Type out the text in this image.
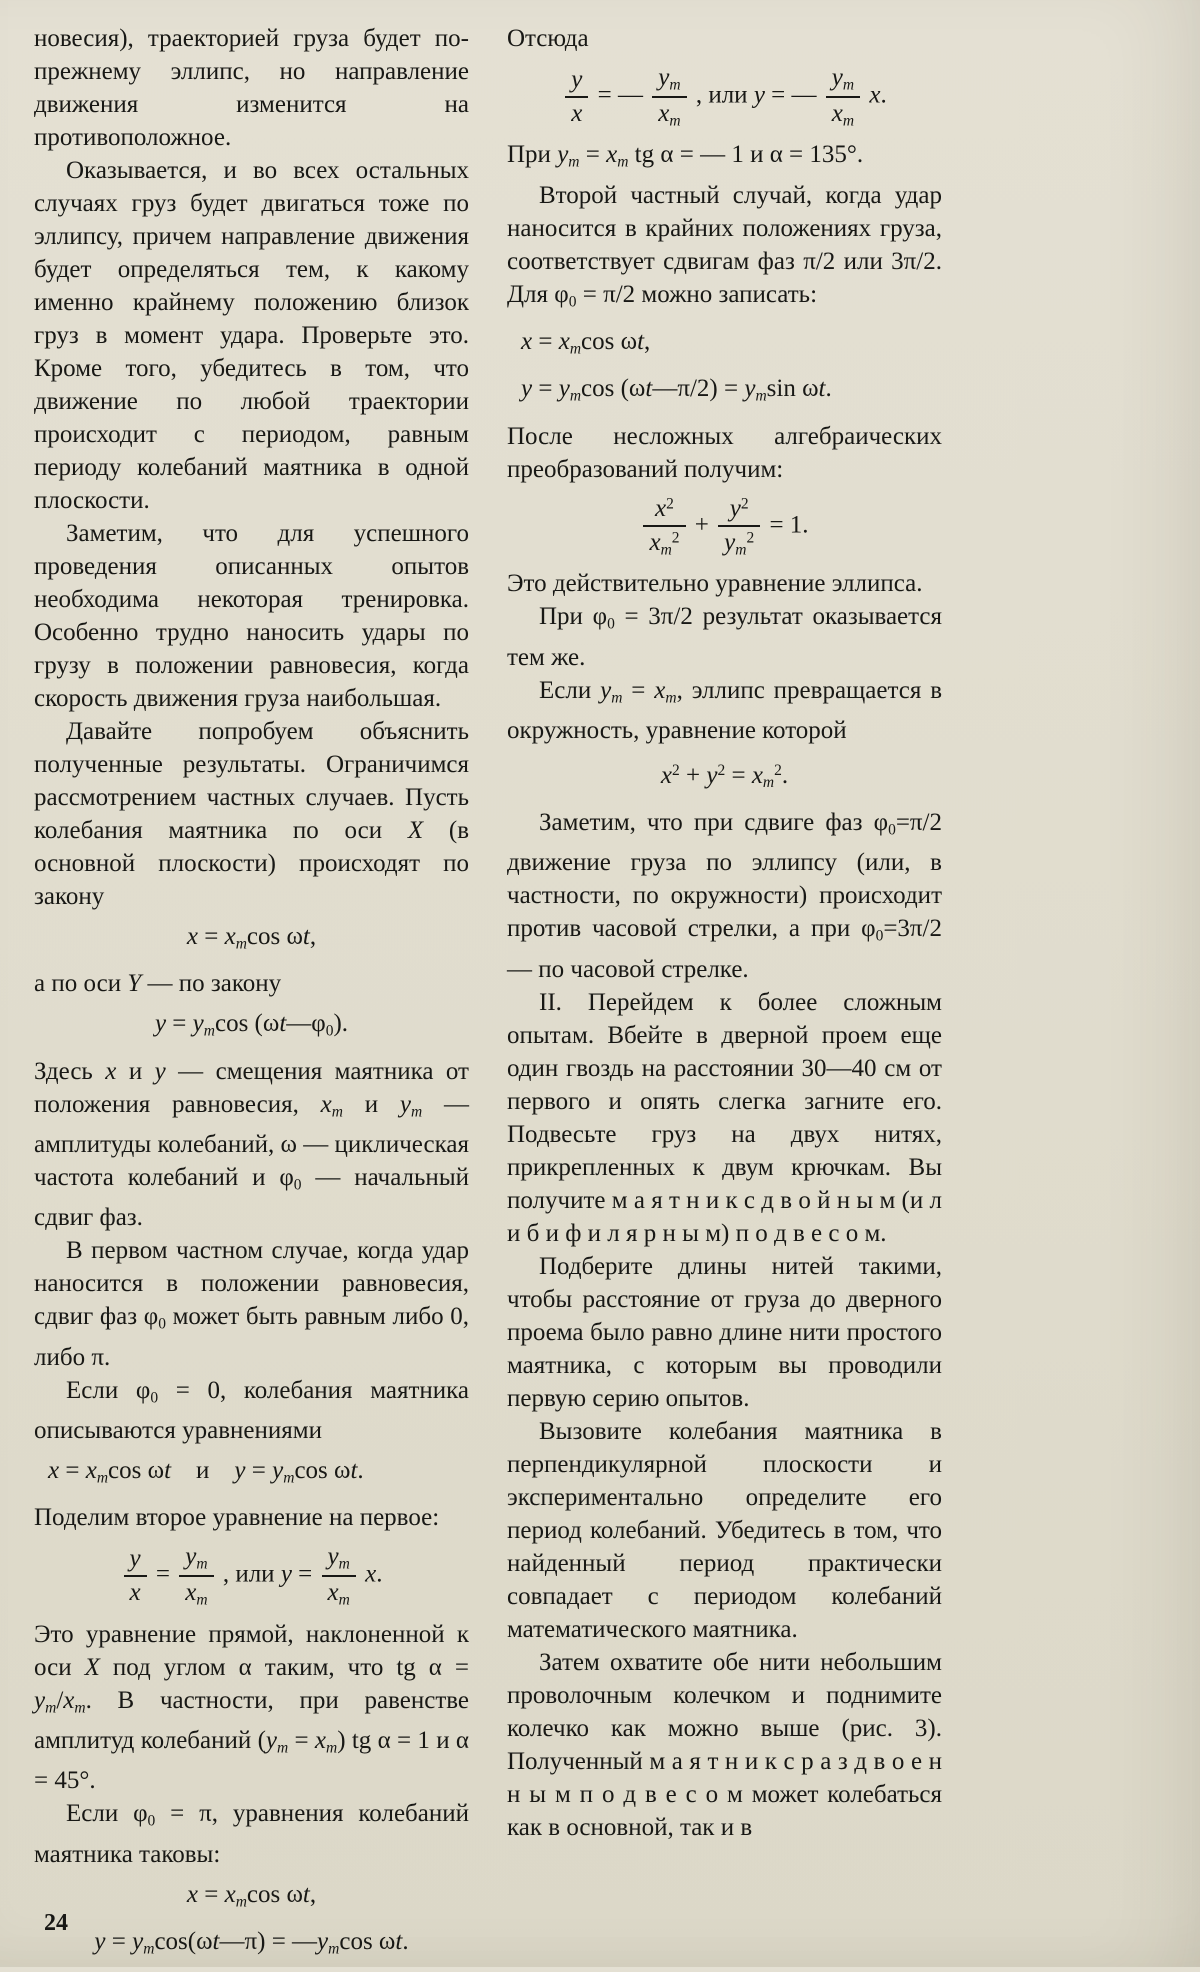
новесия), траекторией груза будет по-прежнему эллипс, но направление движения изменится на противоположное.

Оказывается, и во всех остальных случаях груз будет двигаться тоже по эллипсу, причем направление движения будет определяться тем, к какому именно крайнему положению близок груз в момент удара. Проверьте это. Кроме того, убедитесь в том, что движение по любой траектории происходит с периодом, равным периоду колебаний маятника в одной плоскости.

Заметим, что для успешного проведения описанных опытов необходима некоторая тренировка. Особенно трудно наносить удары по грузу в положении равновесия, когда скорость движения груза наибольшая.

Давайте попробуем объяснить полученные результаты. Ограничимся рассмотрением частных случаев. Пусть колебания маятника по оси X (в основной плоскости) происходят по закону

$x = x_m\cos$ ωt,

а по оси Y — по закону

$y = y_m\cos$ $(\omega t—\varphi_0)$.

Здесь x и y — смещения маятника от положения равновесия, $x_m$ и $y_m$ — амплитуды колебаний, ω — циклическая частота колебаний и $\varphi_0$ — начальный сдвиг фаз.

В первом частном случае, когда удар наносится в положении равновесия, сдвиг фаз $\varphi_0$ может быть равным либо 0, либо π.

Если $\varphi_0 = 0$, колебания маятника описываются уравнениями

$x = x_m\cos$ ωt и $y = y_m\cos$ ωt.

Поделим второе уравнение на первое:

$\frac{y}{x} = \frac{y_m}{x_m}$ , или $y = \frac{y_m}{x_m} x$.

Это уравнение прямой, наклоненной к оси X под углом α таким, что tg $\alpha = y_m/x_m$. В частности, при равенстве амплитуд колебаний $(y_m = x_m)$ tg α = 1 и α = 45°.

Если $\varphi_0 = \pi$, уравнения колебаний маятника таковы:

$x = x_m\cos$ ωt,
$y = y_m\cos(\omega t—\pi)$ = $—y_m\cos$ ωt.

Отсюда

$\frac{y}{x}$ = — $\frac{y_m}{x_m}$ , или y = — $\frac{y_m}{x_m} x$.

При $y_m = x_m$ tg α = — 1 и α = 135°.

Второй частный случай, когда удар наносится в крайних положениях груза, соответствует сдвигам фаз π/2 или 3π/2. Для $\varphi_0 = \pi/2$ можно записать:

$x = x_m\cos$ ωt,
$y = y_m\cos$ (ωt—π/2) = $y_m\sin$ ωt.

После несложных алгебраических преобразований получим:

$\frac{x^2}{x_m^2} + \frac{y^2}{y_m^2} = 1$.

Это действительно уравнение эллипса.

При $\varphi_0 = 3\pi/2$ результат оказывается тем же.

Если $y_m = x_m$, эллипс превращается в окружность, уравнение которой

$x^2 + y^2 = x_m^2$.

Заметим, что при сдвиге фаз $\varphi_0=\pi/2$ движение груза по эллипсу (или, в частности, по окружности) происходит против часовой стрелки, а при $\varphi_0=3\pi/2$ — по часовой стрелке.

II. Перейдем к более сложным опытам. Вбейте в дверной проем еще один гвоздь на расстоянии 30—40 см от первого и опять слегка загните его. Подвесьте груз на двух нитях, прикрепленных к двум крючкам. Вы получите м а я т н и к с д в о й н ы м (и л и б и ф и л я р н ы м) п о д в е с о м.

Подберите длины нитей такими, чтобы расстояние от груза до дверного проема было равно длине нити простого маятника, с которым вы проводили первую серию опытов.

Вызовите колебания маятника в перпендикулярной плоскости и экспериментально определите его период колебаний. Убедитесь в том, что найденный период практически совпадает с периодом колебаний математического маятника.

Затем охватите обе нити небольшим проволочным колечком и поднимите колечко как можно выше (рис. 3). Полученный м а я т н и к с р а з д в о е н н ы м п о д в е с о м может колебаться как в основной, так и в

24
